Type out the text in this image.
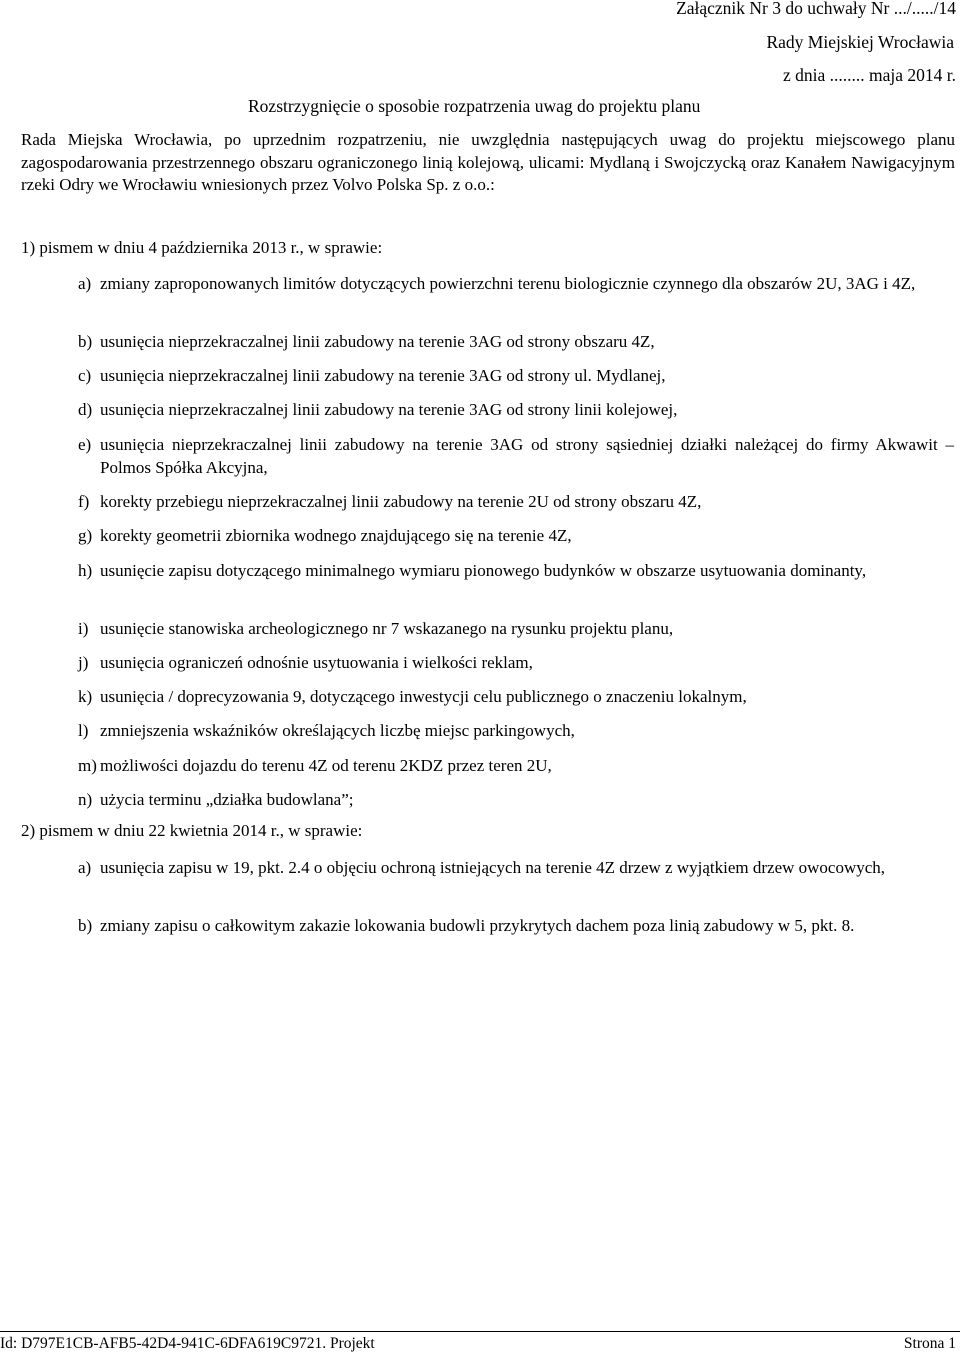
Załącznik Nr 3 do uchwały Nr .../...../14
Rady Miejskiej Wrocławia
z dnia ........ maja 2014 r.
Rozstrzygnięcie o sposobie rozpatrzenia uwag do projektu planu
Rada Miejska Wrocławia, po uprzednim rozpatrzeniu, nie uwzględnia następujących uwag do projektu miejscowego planu zagospodarowania przestrzennego obszaru ograniczonego linią kolejową, ulicami: Mydlaną i Swojczycką oraz Kanałem Nawigacyjnym rzeki Odry we Wrocławiu wniesionych przez Volvo Polska Sp. z o.o.:
1) pismem w dniu 4 października 2013 r., w sprawie:
a) zmiany zaproponowanych limitów dotyczących powierzchni terenu biologicznie czynnego dla obszarów 2U, 3AG i 4Z,
b) usunięcia nieprzekraczalnej linii zabudowy na terenie 3AG od strony obszaru 4Z,
c) usunięcia nieprzekraczalnej linii zabudowy na terenie 3AG od strony ul. Mydlanej,
d) usunięcia nieprzekraczalnej linii zabudowy na terenie 3AG od strony linii kolejowej,
e) usunięcia nieprzekraczalnej linii zabudowy na terenie 3AG od strony sąsiedniej działki należącej do firmy Akwawit – Polmos Spółka Akcyjna,
f) korekty przebiegu nieprzekraczalnej linii zabudowy na terenie 2U od strony obszaru 4Z,
g) korekty geometrii zbiornika wodnego znajdującego się na terenie 4Z,
h) usunięcie zapisu dotyczącego minimalnego wymiaru pionowego budynków w obszarze usytuowania dominanty,
i) usunięcie stanowiska archeologicznego nr 7 wskazanego na rysunku projektu planu,
j) usunięcia ograniczeń odnośnie usytuowania i wielkości reklam,
k) usunięcia / doprecyzowania 9, dotyczącego inwestycji celu publicznego o znaczeniu lokalnym,
l) zmniejszenia wskaźników określających liczbę miejsc parkingowych,
m) możliwości dojazdu do terenu 4Z od terenu 2KDZ przez teren 2U,
n) użycia terminu „działka budowlana”;
2) pismem w dniu 22 kwietnia 2014 r., w sprawie:
a) usunięcia zapisu w 19, pkt. 2.4 o objęciu ochroną istniejących na terenie 4Z drzew z wyjątkiem drzew owocowych,
b) zmiany zapisu o całkowitym zakazie lokowania budowli przykrytych dachem poza linią zabudowy w 5, pkt. 8.
Id: D797E1CB-AFB5-42D4-941C-6DFA619C9721. Projekt	Strona 1
